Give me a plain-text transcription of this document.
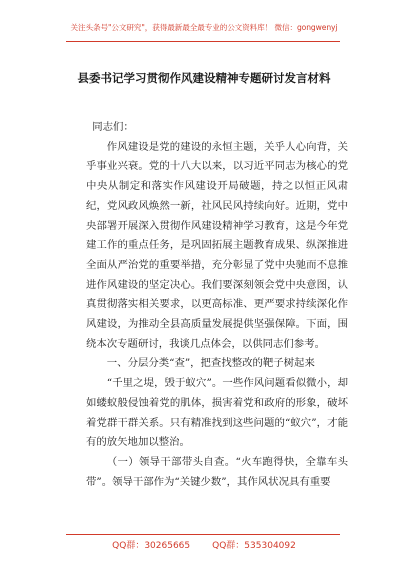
关注头条号"公文研究"，获得最新最全最专业的公文资料库！ 微信：gongwenyj
县委书记学习贯彻作风建设精神专题研讨发言材料

同志们：

作风建设是党的建设的永恒主题，关乎人心向背，关乎事业兴衰。党的十八大以来，以习近平同志为核心的党中央从制定和落实作风建设开局破题，持之以恒正风肃纪，党风政风焕然一新，社风民风持续向好。近期，党中央部署开展深入贯彻作风建设精神学习教育，这是今年党建工作的重点任务，是巩固拓展主题教育成果、纵深推进全面从严治党的重要举措，充分彰显了党中央驰而不息推进作风建设的坚定决心。我们要深刻领会党中央意图，认真贯彻落实相关要求，以更高标准、更严要求持续深化作风建设，为推动全县高质量发展提供坚强保障。下面，围绕本次专题研讨，我谈几点体会，以供同志们参考。

一、分层分类“查”，把查找整改的靶子树起来

“千里之堤，毁于蚁穴”。一些作风问题看似微小，却如蝼蚁般侵蚀着党的肌体，损害着党和政府的形象，破坏着党群干群关系。只有精准找到这些问题的“蚁穴”，才能有的放矢地加以整治。

（一）领导干部带头自查。“火车跑得快，全靠车头带”。领导干部作为“关键少数”，其作风状况具有重要

QQ群：30265665 QQ群：535304092
